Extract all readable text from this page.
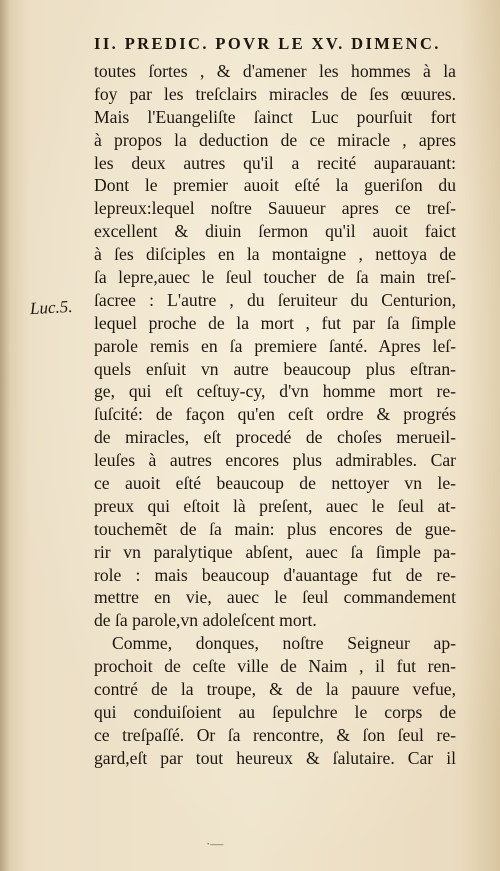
II. PREDIC. POVR LE XV. DIMENC.
Luc.5.
toutes ſortes , & d'amener les hommes à la
foy par les treſclairs miracles de ſes œuures.
Mais l'Euangeliſte ſainct Luc pourſuit fort
à propos la deduction de ce miracle , apres
les deux autres qu'il a recité auparauant:
Dont le premier auoit eſté la gueriſon du
lepreux:lequel noſtre Sauueur apres ce treſ-
excellent & diuin ſermon qu'il auoit faict
à ſes diſciples en la montaigne , nettoya de
ſa lepre,auec le ſeul toucher de ſa main treſ-
ſacree : L'autre , du ſeruiteur du Centurion,
lequel proche de la mort , fut par ſa ſimple
parole remis en ſa premiere ſanté. Apres leſ-
quels enſuit vn autre beaucoup plus eſtran-
ge, qui eſt ceſtuy-cy, d'vn homme mort re-
ſuſcité: de façon qu'en ceſt ordre & progrés
de miracles, eſt procedé de choſes merueil-
leuſes à autres encores plus admirables. Car
ce auoit eſté beaucoup de nettoyer vn le-
preux qui eſtoit là preſent, auec le ſeul at-
touchemẽt de ſa main: plus encores de gue-
rir vn paralytique abſent, auec ſa ſimple pa-
role : mais beaucoup d'auantage fut de re-
mettre en vie, auec le ſeul commandement
de ſa parole,vn adoleſcent mort.
Comme, donques, noſtre Seigneur ap-
prochoit de ceſte ville de Naim , il fut ren-
contré de la troupe, & de la pauure vefue,
qui conduiſoient au ſepulchre le corps de
ce treſpaſſé. Or ſa rencontre, & ſon ſeul re-
gard,eſt par tout heureux & ſalutaire. Car il
·—
